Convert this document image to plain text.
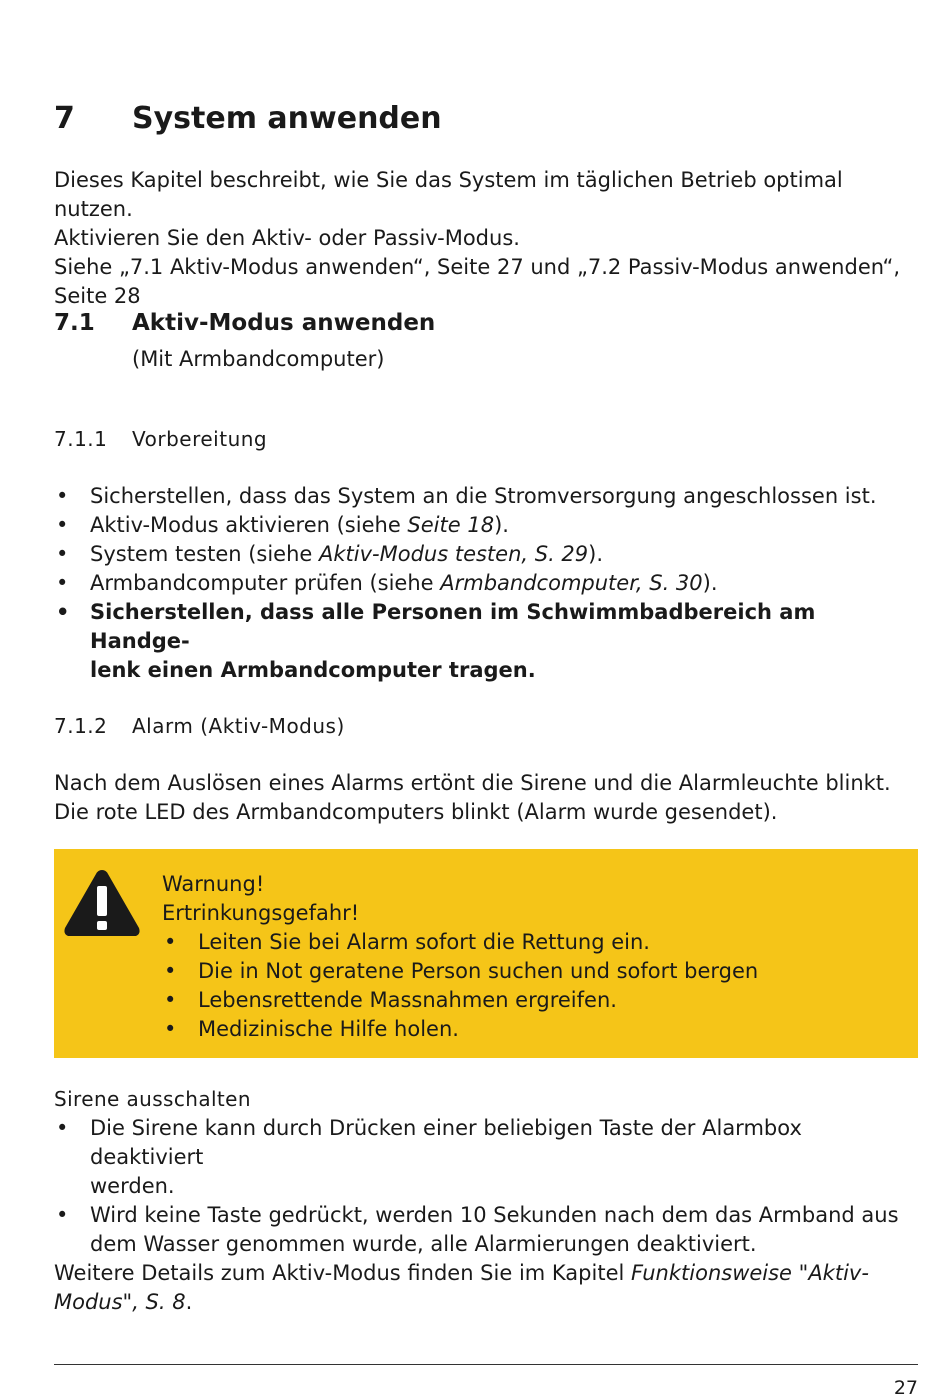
7 System anwenden
Dieses Kapitel beschreibt, wie Sie das System im täglichen Betrieb optimal nutzen.
Aktivieren Sie den Aktiv- oder Passiv-Modus.
Siehe „7.1 Aktiv-Modus anwenden“, Seite 27 und „7.2 Passiv-Modus anwenden“,
Seite 28
7.1 Aktiv-Modus anwenden
(Mit Armbandcomputer)
7.1.1 Vorbereitung
• Sicherstellen, dass das System an die Stromversorgung angeschlossen ist.
• Aktiv-Modus aktivieren (siehe Seite 18).
• System testen (siehe Aktiv-Modus testen, S. 29).
• Armbandcomputer prüfen (siehe Armbandcomputer, S. 30).
• Sicherstellen, dass alle Personen im Schwimmbadbereich am Handge-
lenk einen Armbandcomputer tragen.
7.1.2 Alarm (Aktiv-Modus)
Nach dem Auslösen eines Alarms ertönt die Sirene und die Alarmleuchte blinkt.
Die rote LED des Armbandcomputers blinkt (Alarm wurde gesendet).
Warnung!
Ertrinkungsgefahr!
• Leiten Sie bei Alarm sofort die Rettung ein.
• Die in Not geratene Person suchen und sofort bergen
• Lebensrettende Massnahmen ergreifen.
• Medizinische Hilfe holen.
Sirene ausschalten
• Die Sirene kann durch Drücken einer beliebigen Taste der Alarmbox deaktiviert
werden.
• Wird keine Taste gedrückt, werden 10 Sekunden nach dem das Armband aus
dem Wasser genommen wurde, alle Alarmierungen deaktiviert.
Weitere Details zum Aktiv-Modus finden Sie im Kapitel Funktionsweise "Aktiv-
Modus", S. 8.
27
